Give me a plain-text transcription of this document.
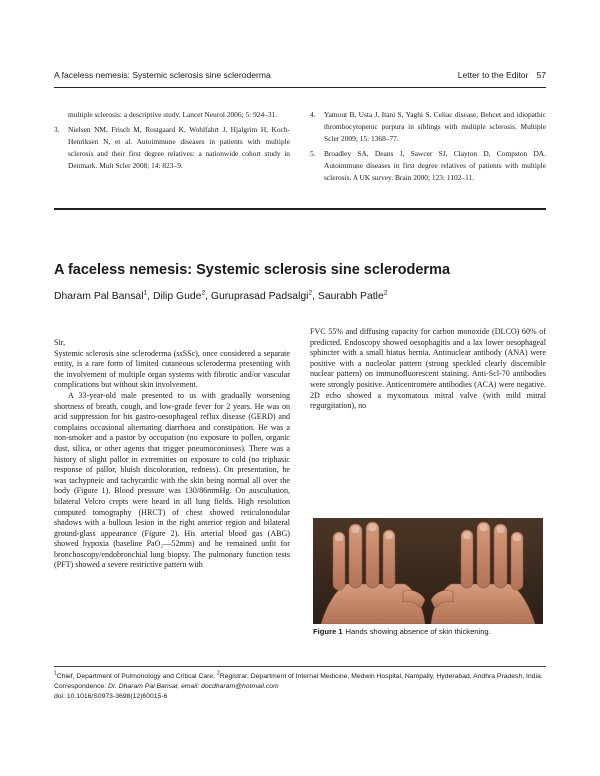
A faceless nemesis: Systemic sclerosis sine scleroderma	Letter to the Editor 57
multiple sclerosis: a descriptive study. Lancet Neurol 2006; 5: 924–31.
3.	Nielsen NM, Frisch M, Rostgaard K, Wohlfahrt J, Hjalgrim H, Koch-Henriksen N, et al. Autoimmune diseases in patients with multiple sclerosis and their first degree relatives: a nationwide cohort study in Denmark. Mult Scler 2008; 14: 823–9.
4.	Yamout B, Usta J, Itani S, Yaghi S. Celiac disease, Behcet and idiopathic thrombocytopenic purpura in siblings with multiple sclerosis. Multiple Scler 2009; 15: 1368–77.
5.	Broadley SA, Deans J, Sawcer SJ, Clayton D, Compston DA. Autoimmune diseases in first degree relatives of patients with multiple sclerosis. A UK survey. Brain 2000; 123: 1102–11.
A faceless nemesis: Systemic sclerosis sine scleroderma
Dharam Pal Bansal$^1$, Dilip Gude$^2$, Guruprasad Padsalgi$^2$, Saurabh Patle$^2$

Sir,

Systemic sclerosis sine scleroderma (ssSSc), once considered a separate entity, is a rare form of limited cutaneous scleroderma presenting with the involvement of multiple organ systems with fibrotic and/or vascular complications but without skin involvement.

A 33-year-old male presented to us with gradually worsening shortness of breath, cough, and low-grade fever for 2 years. He was on acid suppression for his gastro-oesophageal reflux disease (GERD) and complains occasional alternating diarrhoea and constipation. He was a non-smoker and a pastor by occupation (no exposure to pollen, organic dust, silica, or other agents that trigger pneumoconioses). There was a history of slight pallor in extremities on exposure to cold (no triphasic response of pallor, bluish discoloration, redness). On presentation, he was tachypneic and tachycardic with the skin being normal all over the body (Figure 1). Blood pressure was 130/86mmHg. On auscultation, bilateral Velcro crepts were heard in all lung fields. High resolution computed tomography (HRCT) of chest showed reticulonodular shadows with a bullous lesion in the right anterior region and bilateral ground-glass appearance (Figure 2). His arterial blood gas (ABG) showed hypoxia (baseline PaO₂—52mm) and he remained unfit for bronchoscopy/endobronchial lung biopsy. The pulmonary function tests (PFT) showed a severe restrictive pattern with

FVC 55% and diffusing capacity for carbon monoxide (DLCO) 60% of predicted. Endoscopy showed oesophagitis and a lax lower oesophageal sphincter with a small hiatus hernia. Antinuclear antibody (ANA) were positive with a nucleolar pattern (strong speckled clearly discernible nuclear pattern) on immunofluorescent staining. Anti-Scl-70 antibodies were strongly positive. Anticentromere antibodies (ACA) were negative. 2D echo showed a myxomatous mitral valve (with mild mitral regurgitation), no

Figure 1 Hands showing absence of skin thickening.
$^1$Chief, Department of Pulmonology and Critical Care, $^2$Registrar, Department of Internal Medicine, Medwin Hospital, Nampally, Hyderabad, Andhra Pradesh, India.
Correspondence: Dr. Dharam Pal Bansal, email: docdharam@hotmail.com
doi: 10.1016/S0973-3698(12)60015-6
